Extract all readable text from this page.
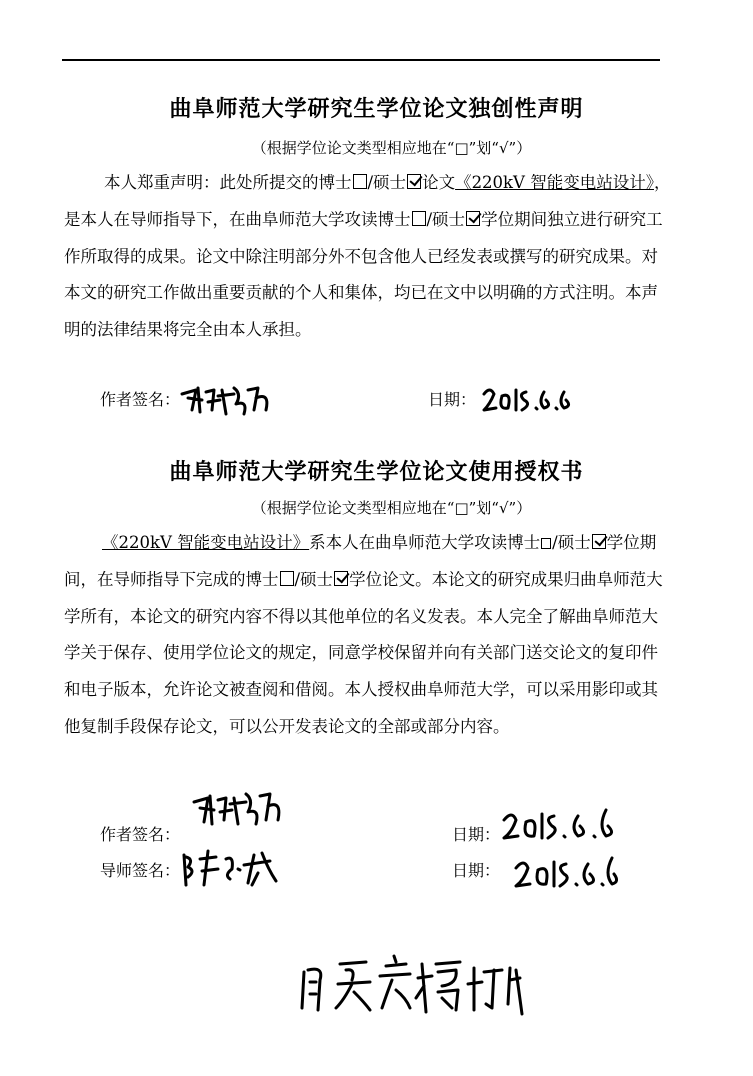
曲阜师范大学研究生学位论文独创性声明
（根据学位论文类型相应地在“□”划“√”）
本人郑重声明：此处所提交的博士 /硕士 论文《220kV 智能变电站设计》，是本人在导师指导下，在曲阜师范大学攻读博士 /硕士 学位期间独立进行研究工作所取得的成果。论文中除注明部分外不包含他人已经发表或撰写的研究成果。对本文的研究工作做出重要贡献的个人和集体，均已在文中以明确的方式注明。本声明的法律结果将完全由本人承担。
作者签名：	日期：
曲阜师范大学研究生学位论文使用授权书
（根据学位论文类型相应地在“□”划“√”）
《220kV 智能变电站设计》系本人在曲阜师范大学攻读博士 /硕士 学位期间，在导师指导下完成的博士 /硕士 学位论文。本论文的研究成果归曲阜师范大学所有，本论文的研究内容不得以其他单位的名义发表。本人完全了解曲阜师范大学关于保存、使用学位论文的规定，同意学校保留并向有关部门送交论文的复印件和电子版本，允许论文被查阅和借阅。本人授权曲阜师范大学，可以采用影印或其他复制手段保存论文，可以公开发表论文的全部或部分内容。
作者签名：	日期：
导师签名：	日期：
